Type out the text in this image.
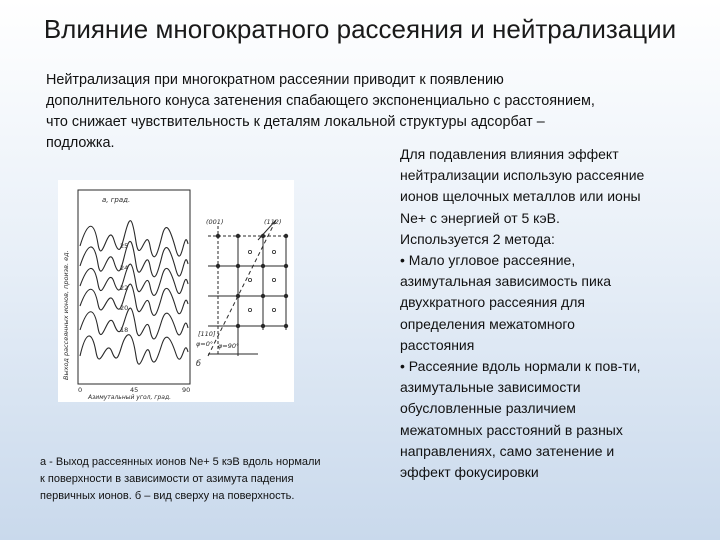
Влияние многократного рассеяния и нейтрализации
Нейтрализация при многократном рассеянии приводит к появлению
дополнительного конуса затенения спабающего экспоненциально с расстоянием,
что снижает чувствительность к деталям локальной структуры адсорбат –
подложка.
Для подавления влияния эффект
нейтрализации использую рассеяние
ионов щелочных металлов или ионы
Ne+ с энергией от 5 кэВ.
Используется 2 метода:
• Мало угловое рассеяние,
азимутальная зависимость пика
двухкратного рассеяния для
определения межатомного
расстояния
• Рассеяние вдоль нормали к пов-ти,
азимутальные зависимости
обусловленные различием
межатомных расстояний в разных
направлениях, само затенение и
эффект фокусировки
Выход рассеянных ионов, произв. ед.
а, град.
25
24
22
20
18
0	45	90
Азимутальный угол, град.
(001)	(112)
[110]
φ=0° φ=90°
б
а - Выход рассеянных ионов Ne+ 5 кэВ вдоль нормали
к поверхности в зависимости от азимута падения
первичных ионов. б – вид сверху на поверхность.
